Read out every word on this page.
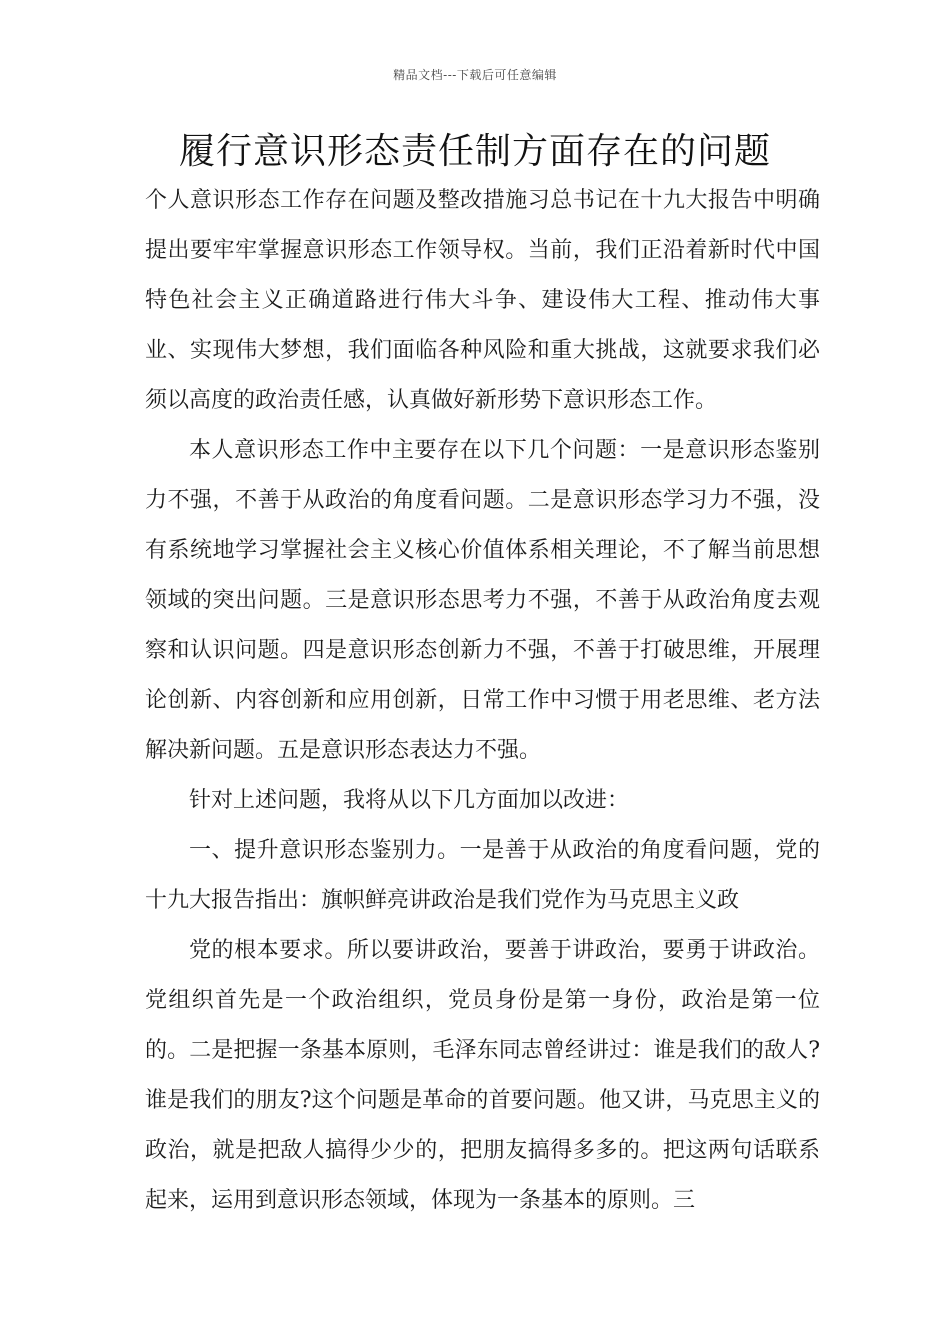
精品文档---下载后可任意编辑
履行意识形态责任制方面存在的问题

个人意识形态工作存在问题及整改措施习总书记在十九大报告中明确提出要牢牢掌握意识形态工作领导权。当前，我们正沿着新时代中国特色社会主义正确道路进行伟大斗争、建设伟大工程、推动伟大事业、实现伟大梦想，我们面临各种风险和重大挑战，这就要求我们必须以高度的政治责任感，认真做好新形势下意识形态工作。

本人意识形态工作中主要存在以下几个问题：一是意识形态鉴别力不强，不善于从政治的角度看问题。二是意识形态学习力不强，没有系统地学习掌握社会主义核心价值体系相关理论，不了解当前思想领域的突出问题。三是意识形态思考力不强，不善于从政治角度去观察和认识问题。四是意识形态创新力不强，不善于打破思维，开展理论创新、内容创新和应用创新，日常工作中习惯于用老思维、老方法解决新问题。五是意识形态表达力不强。

针对上述问题，我将从以下几方面加以改进：

一、提升意识形态鉴别力。一是善于从政治的角度看问题，党的十九大报告指出：旗帜鲜亮讲政治是我们党作为马克思主义政

党的根本要求。所以要讲政治，要善于讲政治，要勇于讲政治。党组织首先是一个政治组织，党员身份是第一身份，政治是第一位的。二是把握一条基本原则，毛泽东同志曾经讲过：谁是我们的敌人?谁是我们的朋友?这个问题是革命的首要问题。他又讲，马克思主义的政治，就是把敌人搞得少少的，把朋友搞得多多的。把这两句话联系起来，运用到意识形态领域，体现为一条基本的原则。三
